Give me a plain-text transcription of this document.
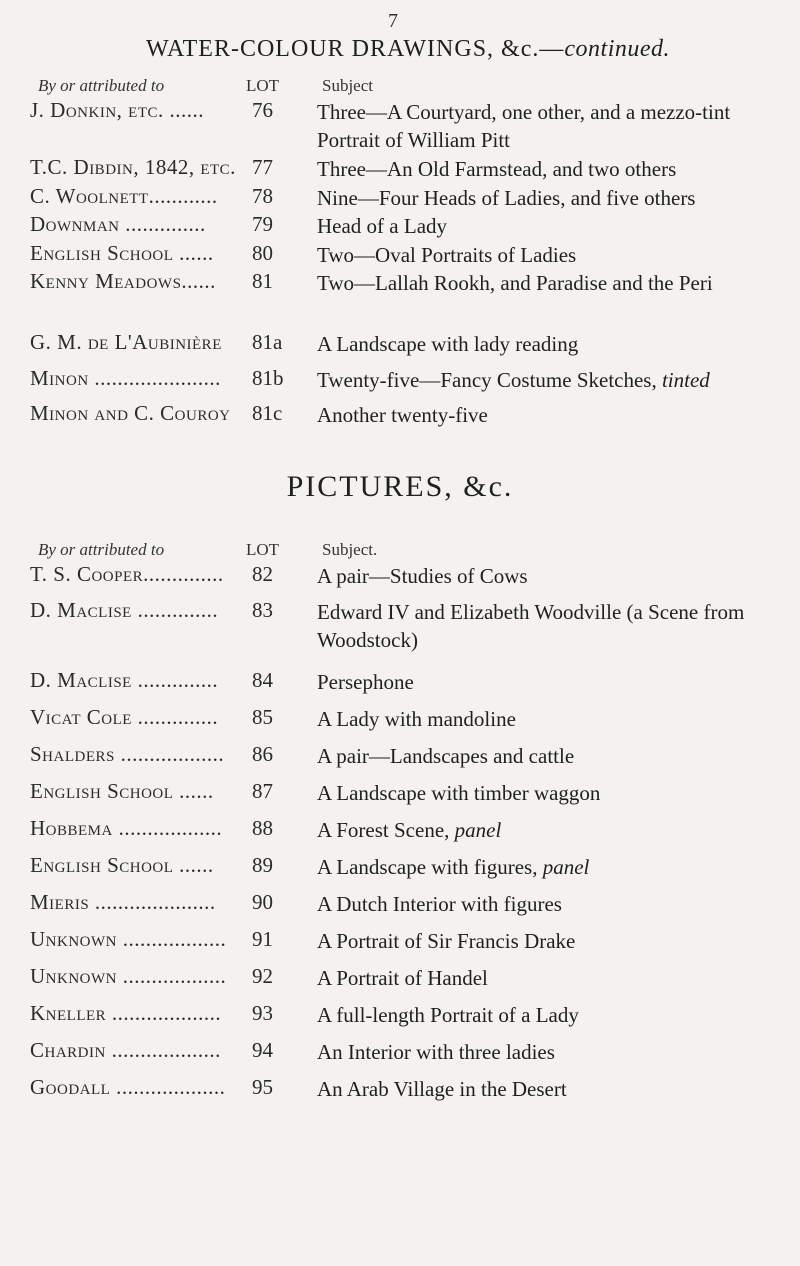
7
WATER-COLOUR DRAWINGS, &c.—continued.
By or attributed to	LOT	Subject
J. Donkin, etc. ......	76	Three—A Courtyard, one other, and a mezzo-tint Portrait of William Pitt
T.C. Dibdin, 1842, etc. 77	Three—An Old Farmstead, and two others
C. Woolnett............	78	Nine—Four Heads of Ladies, and five others
Downman ..............	79	Head of a Lady
English School ......	80	Two—Oval Portraits of Ladies
Kenny Meadows......	81	Two—Lallah Rookh, and Paradise and the Peri
G. M. de L'Aubinière	81a	A Landscape with lady reading
Minon ......................	81b	Twenty-five—Fancy Costume Sketches, tinted
Minon and C. Couroy	81c	Another twenty-five
PICTURES, &c.
By or attributed to	LOT	Subject.
T. S. Cooper..............	82	A pair—Studies of Cows
D. Maclise ..............	83	Edward IV and Elizabeth Woodville (a Scene from Woodstock)
D. Maclise ..............	84	Persephone
Vicat Cole ..............	85	A Lady with mandoline
Shalders ..................	86	A pair—Landscapes and cattle
English School ......	87	A Landscape with timber waggon
Hobbema ..................	88	A Forest Scene, panel
English School ......	89	A Landscape with figures, panel
Mieris .....................	90	A Dutch Interior with figures
Unknown ..................	91	A Portrait of Sir Francis Drake
Unknown ..................	92	A Portrait of Handel
Kneller ...................	93	A full-length Portrait of a Lady
Chardin ...................	94	An Interior with three ladies
Goodall ...................	95	An Arab Village in the Desert
